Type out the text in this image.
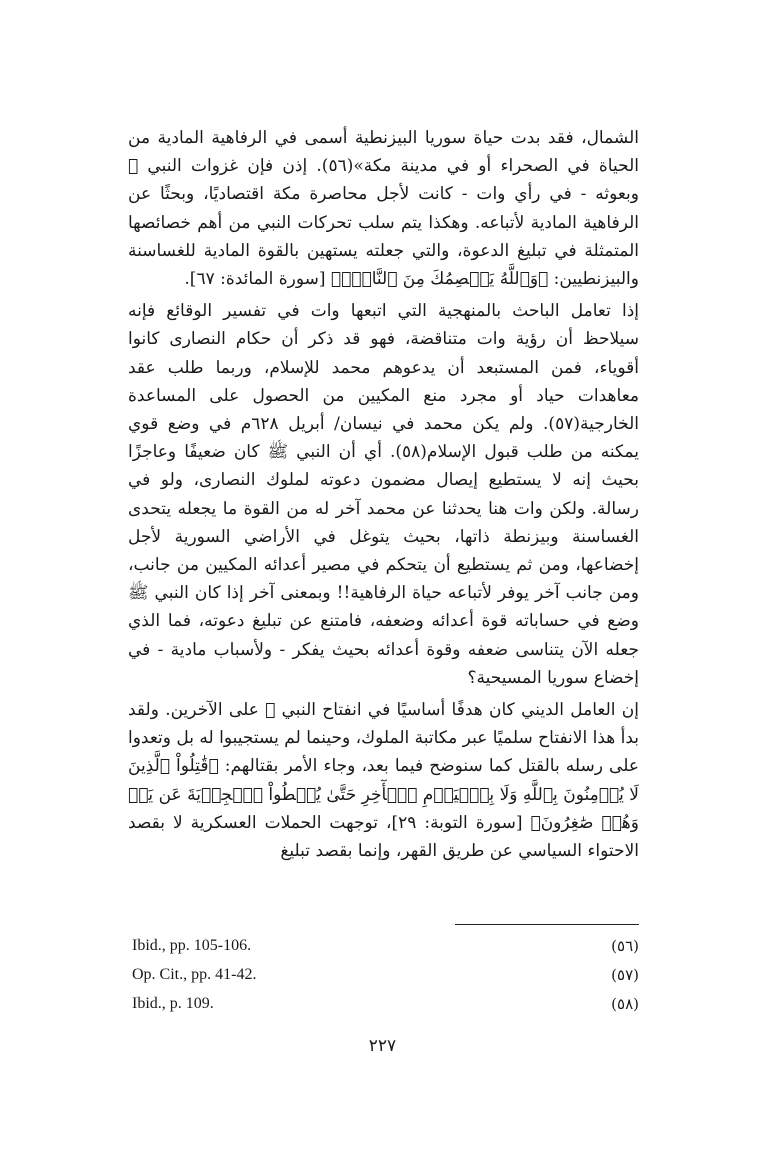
الشمال، فقد بدت حياة سوريا البيزنطية أسمى في الرفاهية المادية من الحياة في الصحراء أو في مدينة مكة»(٥٦). إذن فإن غزوات النبي ﷺ وبعوثه - في رأي وات - كانت لأجل محاصرة مكة اقتصاديًا، وبحثًا عن الرفاهية المادية لأتباعه. وهكذا يتم سلب تحركات النبي من أهم خصائصها المتمثلة في تبليغ الدعوة، والتي جعلته يستهين بالقوة المادية للغساسنة والبيزنطيين: ﴿وَٱللَّهُ يَعۡصِمُكَ مِنَ ٱلنَّاسِۗ﴾ [سورة المائدة: ٦٧].

إذا تعامل الباحث بالمنهجية التي اتبعها وات في تفسير الوقائع فإنه سيلاحظ أن رؤية وات متناقضة، فهو قد ذكر أن حكام النصارى كانوا أقوياء، فمن المستبعد أن يدعوهم محمد للإسلام، وربما طلب عقد معاهدات حياد أو مجرد منع المكيين من الحصول على المساعدة الخارجية(٥٧). ولم يكن محمد في نيسان/ أبريل ٦٢٨م في وضع قوي يمكنه من طلب قبول الإسلام(٥٨). أي أن النبي ﷺ كان ضعيفًا وعاجزًا بحيث إنه لا يستطيع إيصال مضمون دعوته لملوك النصارى، ولو في رسالة. ولكن وات هنا يحدثنا عن محمد آخر له من القوة ما يجعله يتحدى الغساسنة وبيزنطة ذاتها، بحيث يتوغل في الأراضي السورية لأجل إخضاعها، ومن ثم يستطيع أن يتحكم في مصير أعدائه المكيين من جانب، ومن جانب آخر يوفر لأتباعه حياة الرفاهية!! وبمعنى آخر إذا كان النبي ﷺ وضع في حساباته قوة أعدائه وضعفه، فامتنع عن تبليغ دعوته، فما الذي جعله الآن يتناسى ضعفه وقوة أعدائه بحيث يفكر - ولأسباب مادية - في إخضاع سوريا المسيحية؟

إن العامل الديني كان هدفًا أساسيًا في انفتاح النبي ﷺ على الآخرين. ولقد بدأ هذا الانفتاح سلميًا عبر مكاتبة الملوك، وحينما لم يستجيبوا له بل وتعدوا على رسله بالقتل كما سنوضح فيما بعد، وجاء الأمر بقتالهم: ﴿قَٰتِلُواْ ٱلَّذِينَ لَا يُؤۡمِنُونَ بِٱللَّهِ وَلَا بِٱلۡيَوۡمِ ٱلۡأٓخِرِ حَتَّىٰ يُعۡطُواْ ٱلۡجِزۡيَةَ عَن يَدٖ وَهُمۡ صَٰغِرُونَ﴾ [سورة التوبة: ٢٩]، توجهت الحملات العسكرية لا بقصد الاحتواء السياسي عن طريق القهر، وإنما بقصد تبليغ

Ibid., pp. 105-106.	(٥٦)
Op. Cit., pp. 41-42.	(٥٧)
Ibid., p. 109.	(٥٨)
٢٢٧
